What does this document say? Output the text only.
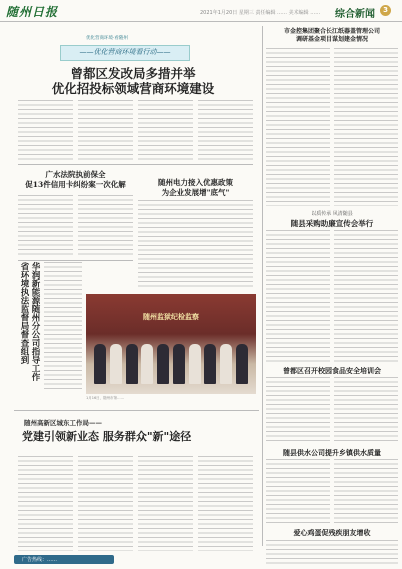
随州日报	2021年1月20日 星期三 责任编辑 …… 美术编辑 …… 综合新闻	3
优化营商环境·看随州
——优化营商环境看行动——
曾都区发改局多措并举
优化招投标领域营商环境建设
广水法院执前保全
促13件信用卡纠纷案一次化解	随州电力接入优惠政策
为企业发展增"底气"
华润新能源随州分公司指导工作
省环境执法监督局督查组到	随州监狱纪检监察
1月16日，随州市第……
随州高新区城东工作局——
党建引领新业态 服务群众"新"途径
市金控集团聚合长江纸器盖管理公司
调研基金项目谋划建金情况
以质传承 风清随县
随县采购助廉宣传会举行
曾都区召开校园食品安全培训会
随县供水公司提升乡镇供水质量
爱心鸡蛋促残疾朋友增收
广告热线：……
